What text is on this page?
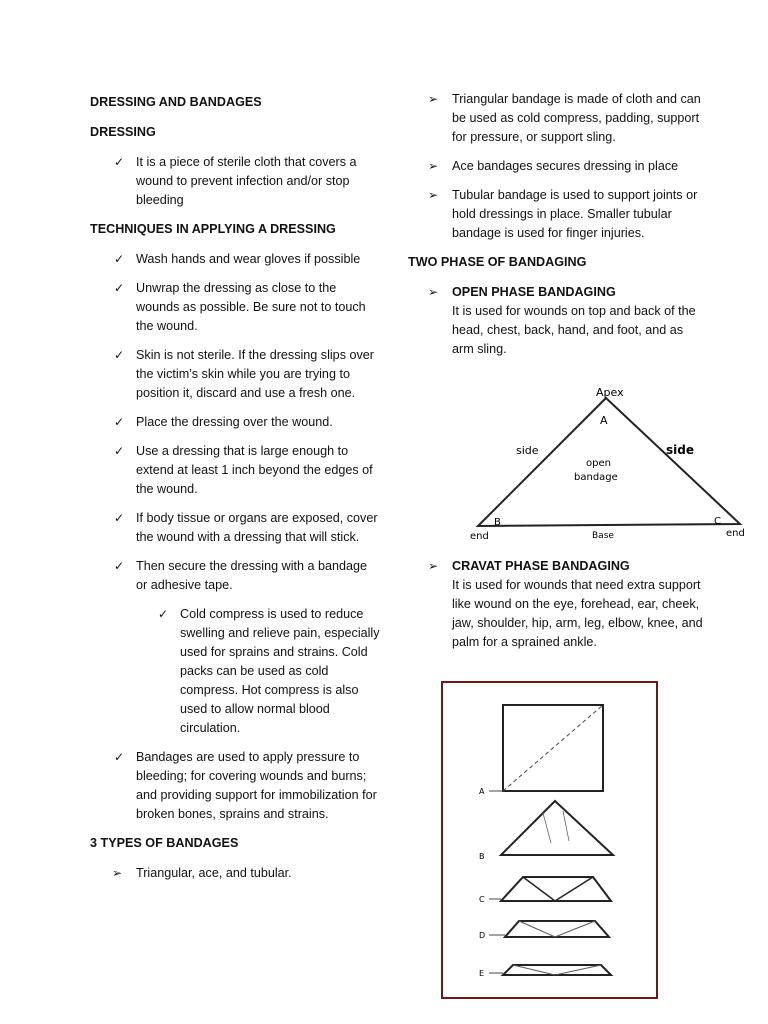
DRESSING AND BANDAGES
DRESSING
✓ It is a piece of sterile cloth that covers a wound to prevent infection and/or stop bleeding
TECHNIQUES IN APPLYING A DRESSING
✓ Wash hands and wear gloves if possible
✓ Unwrap the dressing as close to the wounds as possible. Be sure not to touch the wound.
✓ Skin is not sterile. If the dressing slips over the victim’s skin while you are trying to position it, discard and use a fresh one.
✓ Place the dressing over the wound.
✓ Use a dressing that is large enough to extend at least 1 inch beyond the edges of the wound.
✓ If body tissue or organs are exposed, cover the wound with a dressing that will stick.
✓ Then secure the dressing with a bandage or adhesive tape.
✓ Cold compress is used to reduce swelling and relieve pain, especially used for sprains and strains. Cold packs can be used as cold compress. Hot compress is also used to allow normal blood circulation.
✓ Bandages are used to apply pressure to bleeding; for covering wounds and burns; and providing support for immobilization for broken bones, sprains and strains.
3 TYPES OF BANDAGES
➢ Triangular, ace, and tubular.
➢ Triangular bandage is made of cloth and can be used as cold compress, padding, support for pressure, or support sling.
➢ Ace bandages secures dressing in place
➢ Tubular bandage is used to support joints or hold dressings in place. Smaller tubular bandage is used for finger injuries.
TWO PHASE OF BANDAGING
➢ OPEN PHASE BANDAGING
It is used for wounds on top and back of the head, chest, back, hand, and foot, and as arm sling.
➢ CRAVAT PHASE BANDAGING
It is used for wounds that need extra support like wound on the eye, forehead, ear, cheek, jaw, shoulder, hip, arm, leg, elbow, knee, and palm for a sprained ankle.
Apex
A
side	side
open
bandage
B	C
end	end
Base
A
B
C
D
E
